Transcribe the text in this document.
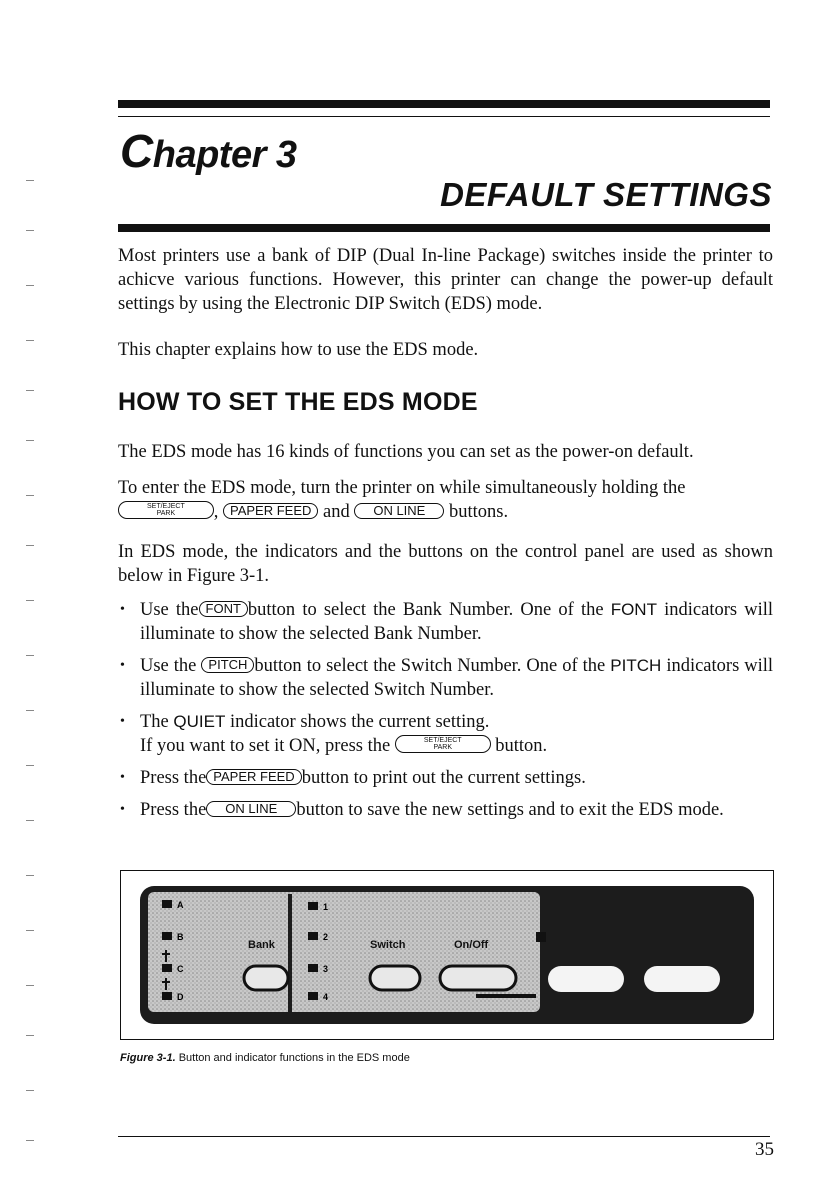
Chapter 3
DEFAULT SETTINGS

Most printers use a bank of DIP (Dual In-line Package) switches inside the printer to achicve various functions. However, this printer can change the power-up default settings by using the Electronic DIP Switch (EDS) mode.

This chapter explains how to use the EDS mode.

HOW TO SET THE EDS MODE

The EDS mode has 16 kinds of functions you can set as the power-on default.

To enter the EDS mode, turn the printer on while simultaneously holding the

SET/EJECT
PARK	, PAPER FEED and ON LINE buttons.

In EDS mode, the indicators and the buttons on the control panel are used as shown below in Figure 3-1.

• Use the FONT button to select the Bank Number. One of the FONT indicators will illuminate to show the selected Bank Number.
• Use the PITCH button to select the Switch Number. One of the PITCH indicators will illuminate to show the selected Switch Number.
• The QUIET indicator shows the current setting.
If you want to set it ON, press the	SET/EJECT
PARK	button.
• Press the PAPER FEED button to print out the current settings.
• Press the ON LINE button to save the new settings and to exit the EDS mode.
A
B
C
D
Bank
1
2
3
4
Switch	On/Off

Figure 3-1. Button and indicator functions in the EDS mode

35
